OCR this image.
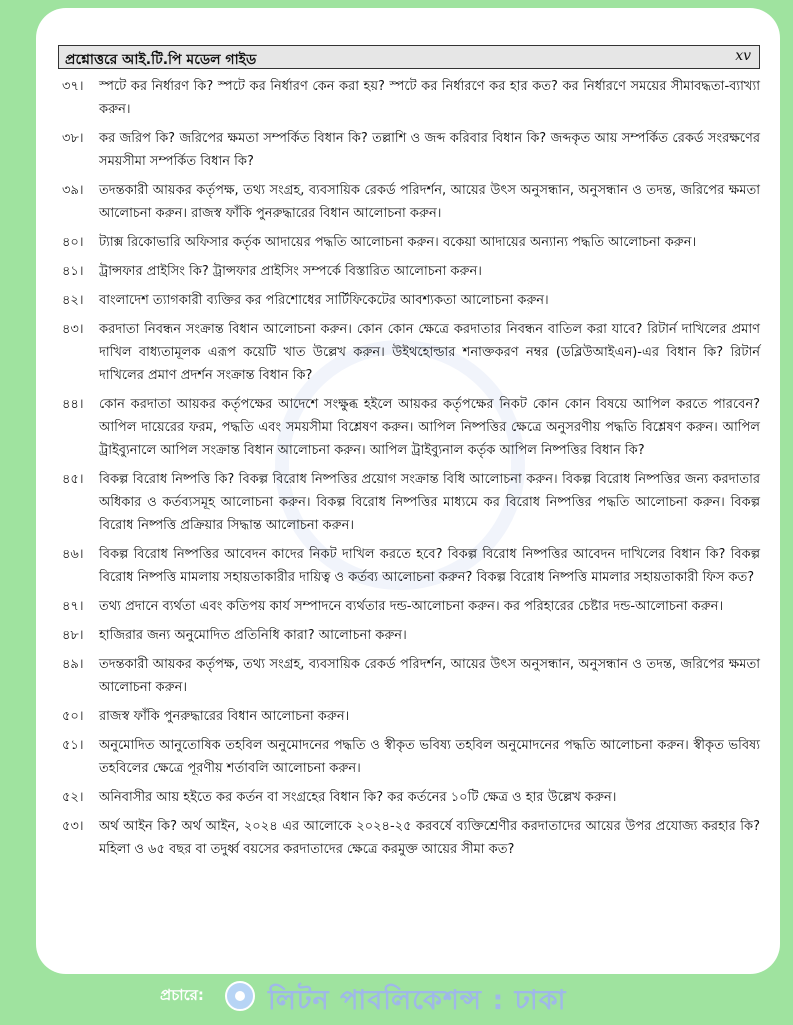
প্রশ্নোত্তরে আই.টি.পি মডেল গাইড	xv
৩৭। স্পটে কর নির্ধারণ কি? স্পটে কর নির্ধারণ কেন করা হয়? স্পটে কর নির্ধারণে কর হার কত? কর নির্ধারণে সময়ের সীমাবদ্ধতা-ব্যাখ্যা করুন।
৩৮। কর জরিপ কি? জরিপের ক্ষমতা সম্পর্কিত বিধান কি? তল্লাশি ও জব্দ করিবার বিধান কি? জব্দকৃত আয় সম্পর্কিত রেকর্ড সংরক্ষণের সময়সীমা সম্পর্কিত বিধান কি?
৩৯। তদন্তকারী আয়কর কর্তৃপক্ষ, তথ্য সংগ্রহ, ব্যবসায়িক রেকর্ড পরিদর্শন, আয়ের উৎস অনুসন্ধান, অনুসন্ধান ও তদন্ত, জরিপের ক্ষমতা আলোচনা করুন। রাজস্ব ফাঁকি পুনরুদ্ধারের বিধান আলোচনা করুন।
৪০। ট্যাক্স রিকোভারি অফিসার কর্তৃক আদায়ের পদ্ধতি আলোচনা করুন। বকেয়া আদায়ের অন্যান্য পদ্ধতি আলোচনা করুন।
৪১। ট্রান্সফার প্রাইসিং কি? ট্রান্সফার প্রাইসিং সম্পর্কে বিস্তারিত আলোচনা করুন।
৪২। বাংলাদেশ ত্যাগকারী ব্যক্তির কর পরিশোধের সার্টিফিকেটের আবশ্যকতা আলোচনা করুন।
৪৩। করদাতা নিবন্ধন সংক্রান্ত বিধান আলোচনা করুন। কোন কোন ক্ষেত্রে করদাতার নিবন্ধন বাতিল করা যাবে? রিটার্ন দাখিলের প্রমাণ দাখিল বাধ্যতামূলক এরূপ কয়েটি খাত উল্লেখ করুন। উইথহোল্ডার শনাক্তকরণ নম্বর (ডব্লিউআইএন)-এর বিধান কি? রিটার্ন দাখিলের প্রমাণ প্রদর্শন সংক্রান্ত বিধান কি?
৪৪। কোন করদাতা আয়কর কর্তৃপক্ষের আদেশে সংক্ষুব্ধ হইলে আয়কর কর্তৃপক্ষের নিকট কোন কোন বিষয়ে আপিল করতে পারবেন? আপিল দায়েরের ফরম, পদ্ধতি এবং সময়সীমা বিশ্লেষণ করুন। আপিল নিষ্পত্তির ক্ষেত্রে অনুসরণীয় পদ্ধতি বিশ্লেষণ করুন। আপিল ট্রাইব্যুনালে আপিল সংক্রান্ত বিধান আলোচনা করুন। আপিল ট্রাইব্যুনাল কর্তৃক আপিল নিষ্পত্তির বিধান কি?
৪৫। বিকল্প বিরোধ নিষ্পত্তি কি? বিকল্প বিরোধ নিষ্পত্তির প্রয়োগ সংক্রান্ত বিধি আলোচনা করুন। বিকল্প বিরোধ নিষ্পত্তির জন্য করদাতার অধিকার ও কর্তব্যসমূহ আলোচনা করুন। বিকল্প বিরোধ নিষ্পত্তির মাধ্যমে কর বিরোধ নিষ্পত্তির পদ্ধতি আলোচনা করুন। বিকল্প বিরোধ নিষ্পত্তি প্রক্রিয়ার সিদ্ধান্ত আলোচনা করুন।
৪৬। বিকল্প বিরোধ নিষ্পত্তির আবেদন কাদের নিকট দাখিল করতে হবে? বিকল্প বিরোধ নিষ্পত্তির আবেদন দাখিলের বিধান কি? বিকল্প বিরোধ নিষ্পত্তি মামলায় সহায়তাকারীর দায়িত্ব ও কর্তব্য আলোচনা করুন? বিকল্প বিরোধ নিষ্পত্তি মামলার সহায়তাকারী ফিস কত?
৪৭। তথ্য প্রদানে ব্যর্থতা এবং কতিপয় কার্য সম্পাদনে ব্যর্থতার দন্ড-আলোচনা করুন। কর পরিহারের চেষ্টার দন্ড-আলোচনা করুন।
৪৮। হাজিরার জন্য অনুমোদিত প্রতিনিধি কারা? আলোচনা করুন।
৪৯। তদন্তকারী আয়কর কর্তৃপক্ষ, তথ্য সংগ্রহ, ব্যবসায়িক রেকর্ড পরিদর্শন, আয়ের উৎস অনুসন্ধান, অনুসন্ধান ও তদন্ত, জরিপের ক্ষমতা আলোচনা করুন।
৫০। রাজস্ব ফাঁকি পুনরুদ্ধারের বিধান আলোচনা করুন।
৫১। অনুমোদিত আনুতোষিক তহবিল অনুমোদনের পদ্ধতি ও স্বীকৃত ভবিষ্য তহবিল অনুমোদনের পদ্ধতি আলোচনা করুন। স্বীকৃত ভবিষ্য তহবিলের ক্ষেত্রে পূরণীয় শর্তাবলি আলোচনা করুন।
৫২। অনিবাসীর আয় হইতে কর কর্তন বা সংগ্রহের বিধান কি? কর কর্তনের ১০টি ক্ষেত্র ও হার উল্লেখ করুন।
৫৩। অর্থ আইন কি? অর্থ আইন, ২০২৪ এর আলোকে ২০২৪-২৫ করবর্ষে ব্যক্তিশ্রেণীর করদাতাদের আয়ের উপর প্রযোজ্য করহার কি? মহিলা ও ৬৫ বছর বা তদুর্ধ্ব বয়সের করদাতাদের ক্ষেত্রে করমুক্ত আয়ের সীমা কত?
প্রচারে: লিটন পাবলিকেশন্স : ঢাকা
